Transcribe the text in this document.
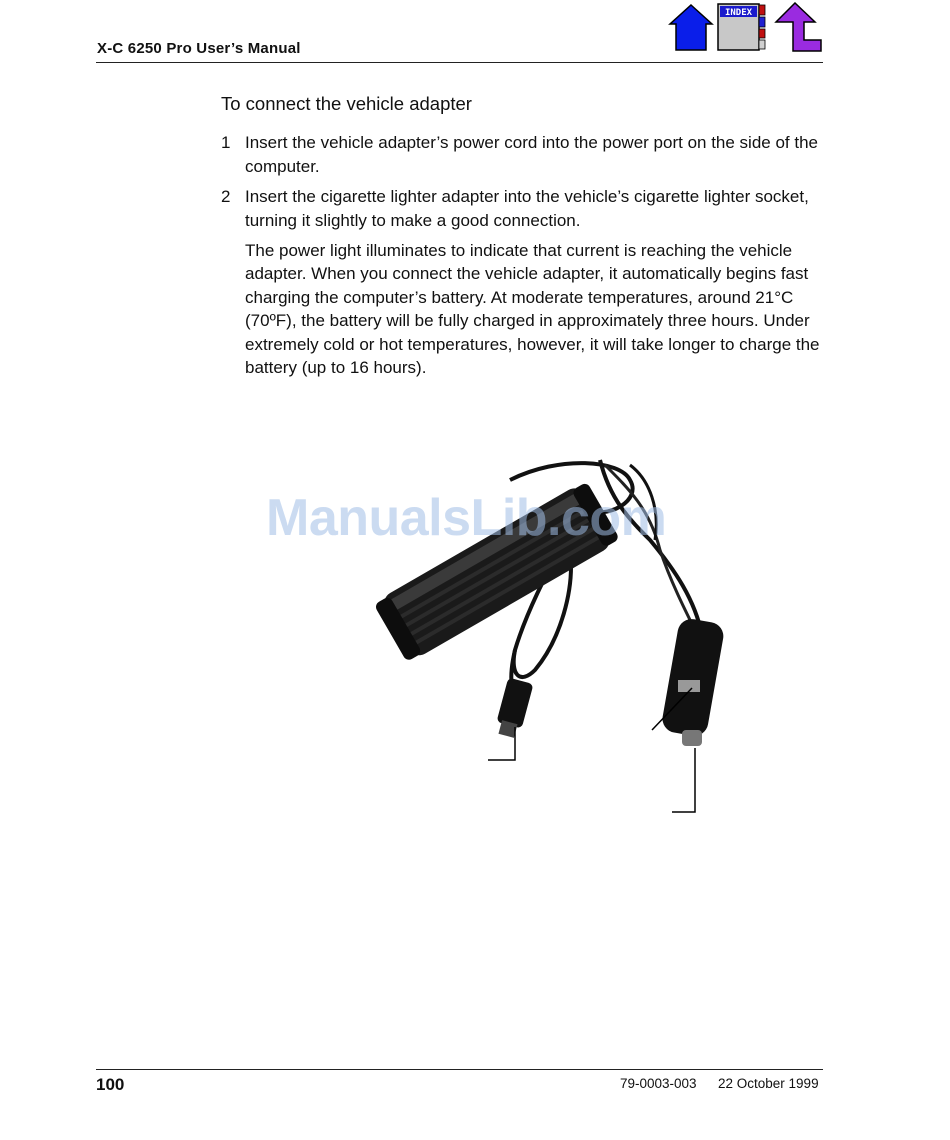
X-C 6250 Pro User’s Manual
INDEX
To connect the vehicle adapter
1 Insert the vehicle adapter’s power cord into the power port on the side of the computer.
2 Insert the cigarette lighter adapter into the vehicle’s cigarette lighter socket, turning it slightly to make a good connection.
The power light illuminates to indicate that current is reaching the vehicle adapter. When you connect the vehicle adapter, it automatically begins fast charging the computer’s battery. At moderate temperatures, around 21°C (70ºF), the battery will be fully charged in approximately three hours. Under extremely cold or hot temperatures, however, it will take longer to charge the battery (up to 16 hours).
ManualsLib.com
100	79-0003-003 22 October 1999
